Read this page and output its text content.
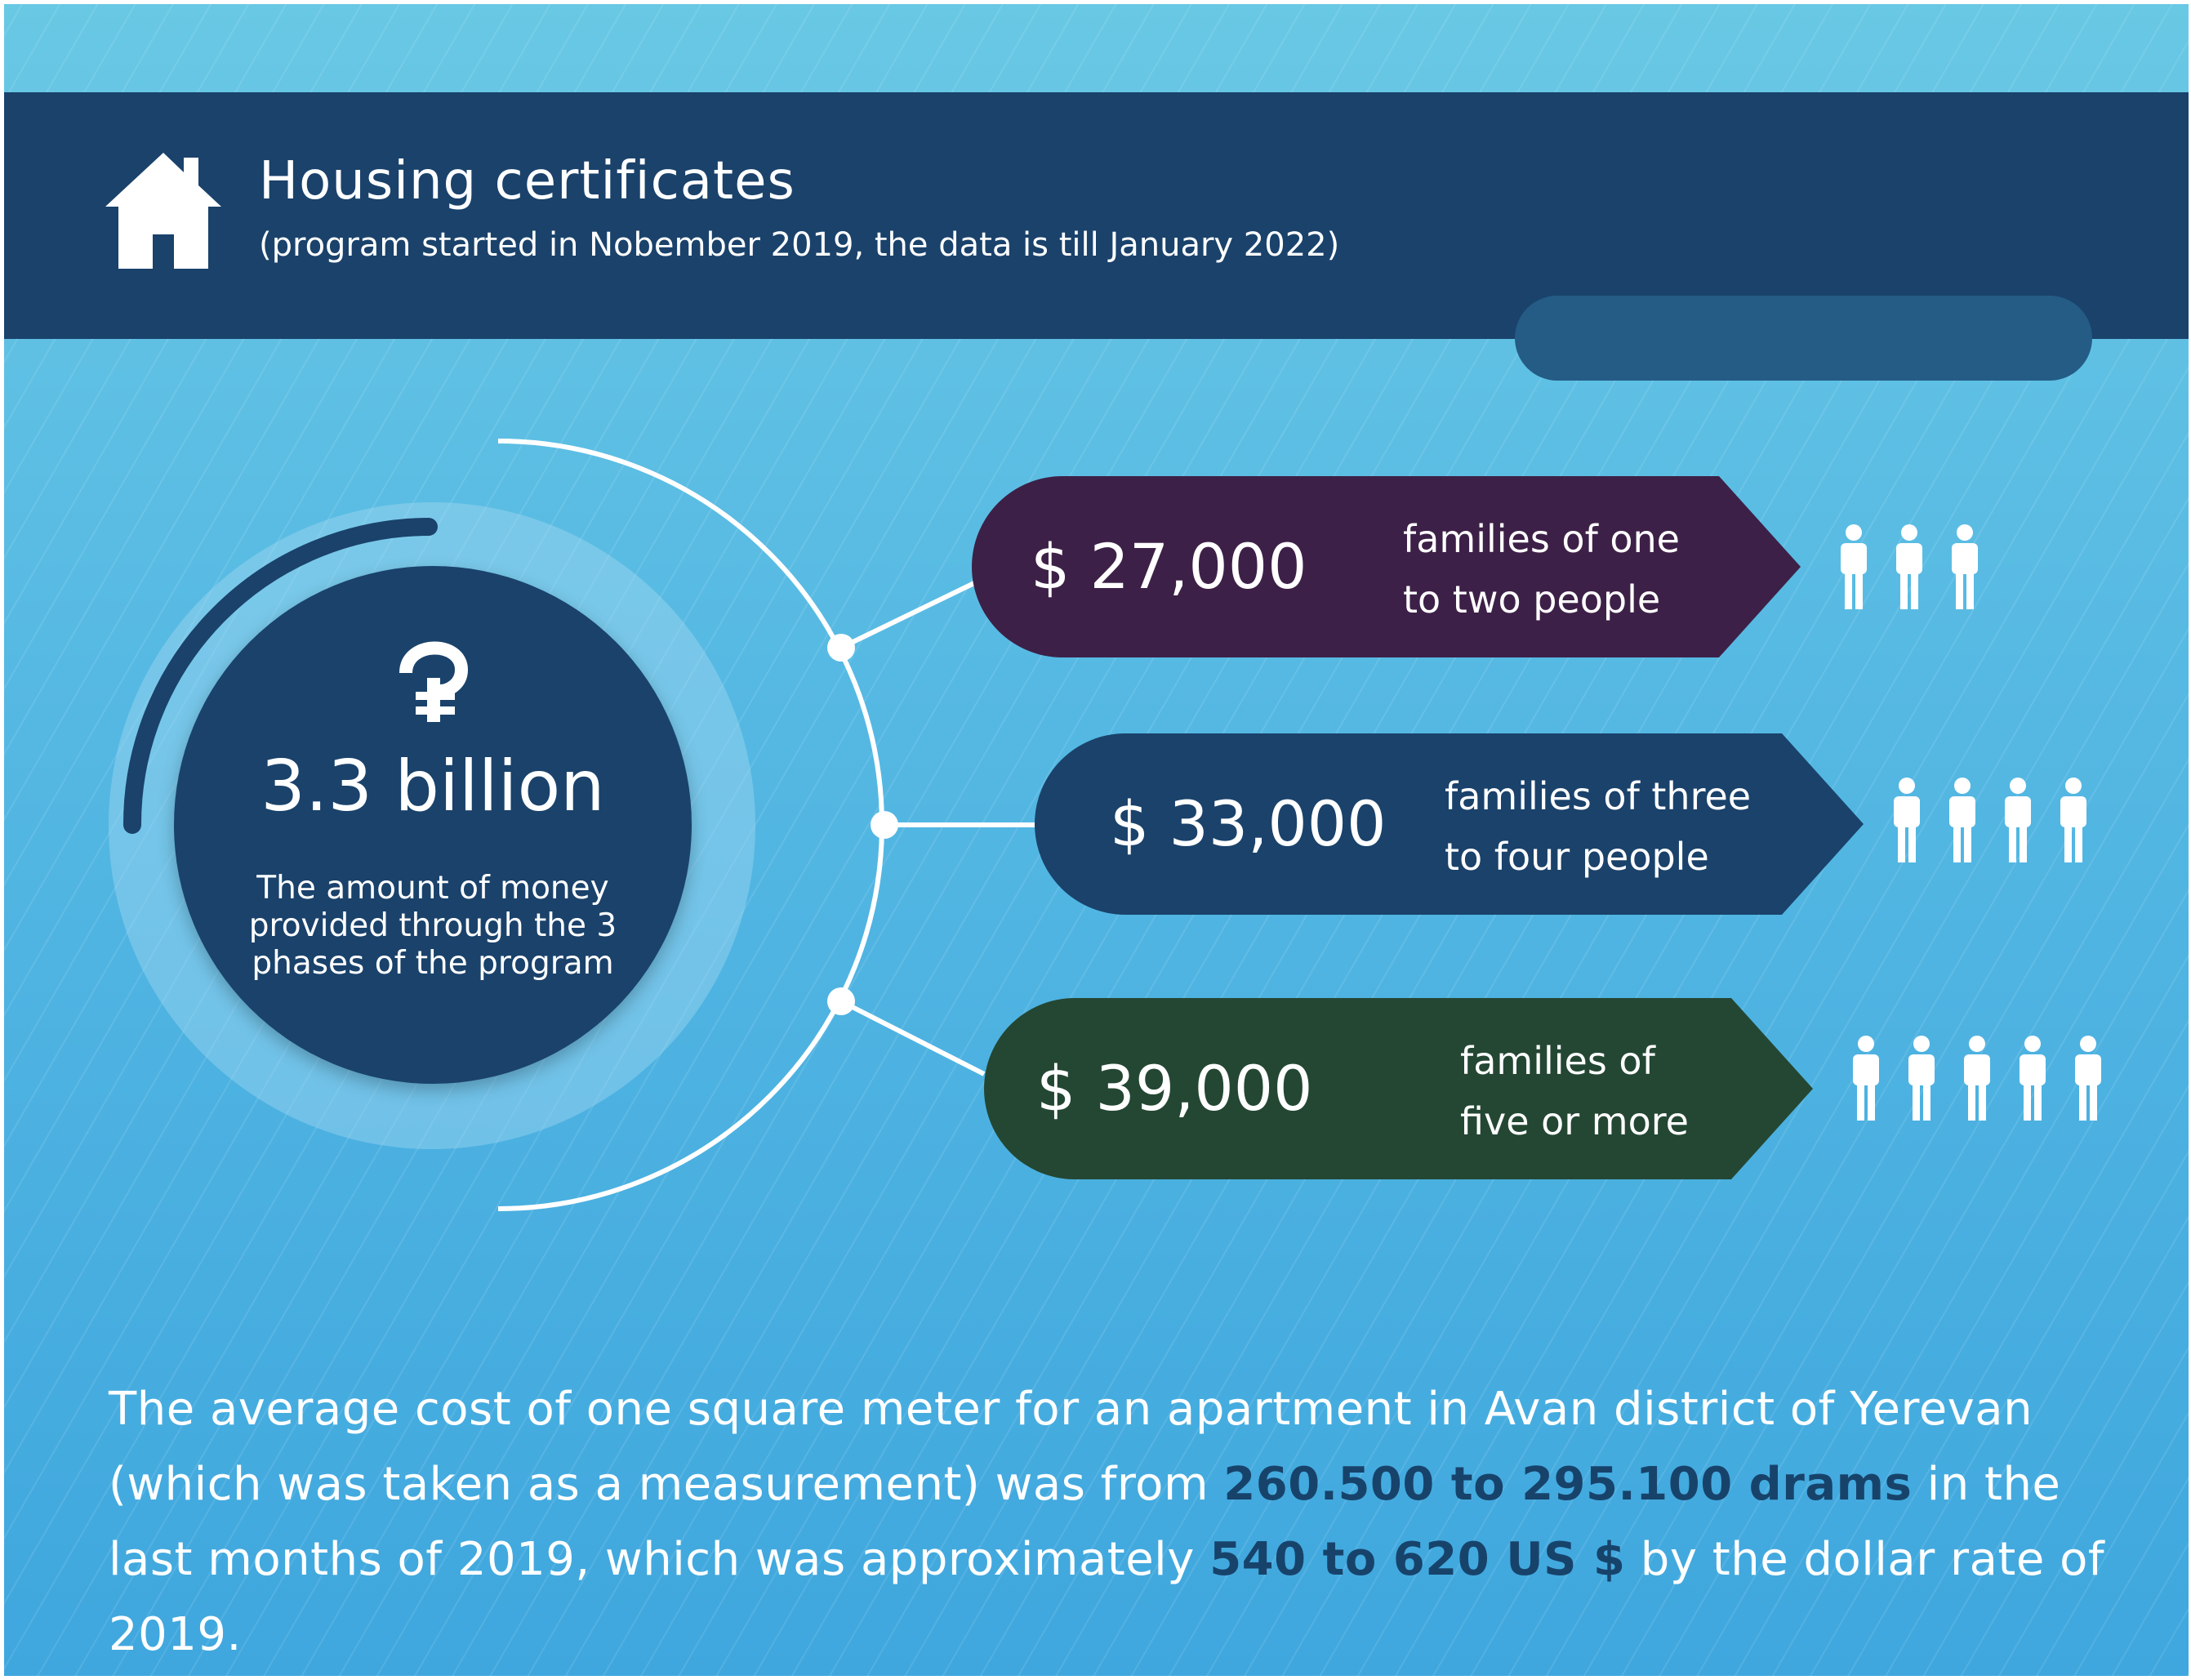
Housing certificates

(program started in Nobember 2019, the data is till January 2022)

3.3 billion

The amount of money provided through the 3 phases of the program

$ 27,000	families of one
to two people
$ 33,000 families of three
to four people
$ 39,000	families of
five or more

The average cost of one square meter for an apartment in Avan district of Yerevan (which was taken as a measurement) was from 260.500 to 295.100 drams in the last months of 2019, which was approximately 540 to 620 US $ by the dollar rate of 2019.
